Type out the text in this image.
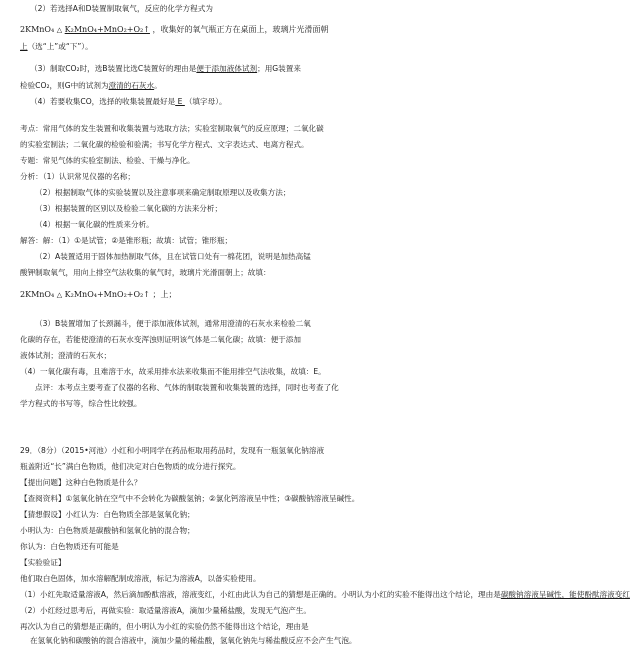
（2）若选择A和D装置制取氧气，反应的化学方程式为
2KMnO₄ △ K₂MnO₄+MnO₂+O₂↑ ，收集好的氧气瓶正方在桌面上，玻璃片光滑面朝
上（选“上”或“下”）。
（3）制取CO₂时，选B装置比选C装置好的理由是便于添加液体试剂；用G装置来
检验CO₂，则G中的试剂为澄清的石灰水。
（4）若要收集CO，选择的收集装置最好是 E （填字母）。
考点：常用气体的发生装置和收集装置与选取方法；实验室制取氧气的反应原理；二氧化碳
的实验室制法；二氧化碳的检验和验满；书写化学方程式、文字表达式、电离方程式。
专题：常见气体的实验室制法、检验、干燥与净化。
分析：（1）认识常见仪器的名称；
（2）根据制取气体的实验装置以及注意事项来确定制取原理以及收集方法；
（3）根据装置的区别以及检验二氧化碳的方法来分析；
（4）根据一氧化碳的性质来分析。
解答：解：（1）①是试管；②是锥形瓶；故填：试管；锥形瓶；
（2）A装置适用于固体加热制取气体，且在试管口处有一棉花团，说明是加热高锰
酸钾制取氧气，用向上排空气法收集的氧气时，玻璃片光滑面朝上；故填：
2KMnO₄ △ K₂MnO₄+MnO₂+O₂↑ ；上；
（3）B装置增加了长颈漏斗，便于添加液体试剂，通常用澄清的石灰水来检验二氧
化碳的存在，若能使澄清的石灰水变浑浊则证明该气体是二氧化碳；故填：便于添加
液体试剂；澄清的石灰水；
（4）一氧化碳有毒，且难溶于水，故采用排水法来收集而不能用排空气法收集，故填：E。
点评：本考点主要考查了仪器的名称、气体的制取装置和收集装置的选择，同时也考查了化
学方程式的书写等，综合性比较强。
29．（8分）（2015•河池）小红和小明同学在药品柜取用药品时，发现有一瓶氢氧化钠溶液
瓶盖附近“长”满白色物质，他们决定对白色物质的成分进行探究。
【提出问题】这种白色物质是什么？
【查阅资料】①氢氧化钠在空气中不会转化为碳酸氢钠；②氯化钙溶液呈中性；③碳酸钠溶液呈碱性。
【猜想假设】小红认为：白色物质全部是氢氧化钠；
小明认为：白色物质是碳酸钠和氢氧化钠的混合物；
你认为：白色物质还有可能是
【实验验证】
他们取白色固体，加水溶解配制成溶液，标记为溶液A，以备实验使用。
（1）小红先取适量溶液A，然后滴加酚酞溶液，溶液变红，小红由此认为自己的猜想是正确的。小明认为小红的实验不能得出这个结论，理由是碳酸钠溶液呈碱性，能使酚酞溶液变红
（2）小红经过思考后，再做实验：取适量溶液A，滴加少量稀盐酸，发现无气泡产生。
再次认为自己的猜想是正确的，但小明认为小红的实验仍然不能得出这个结论，理由是
在氢氧化钠和碳酸钠的混合溶液中，滴加少量的稀盐酸，氢氧化钠先与稀盐酸反应不会产生气泡。
